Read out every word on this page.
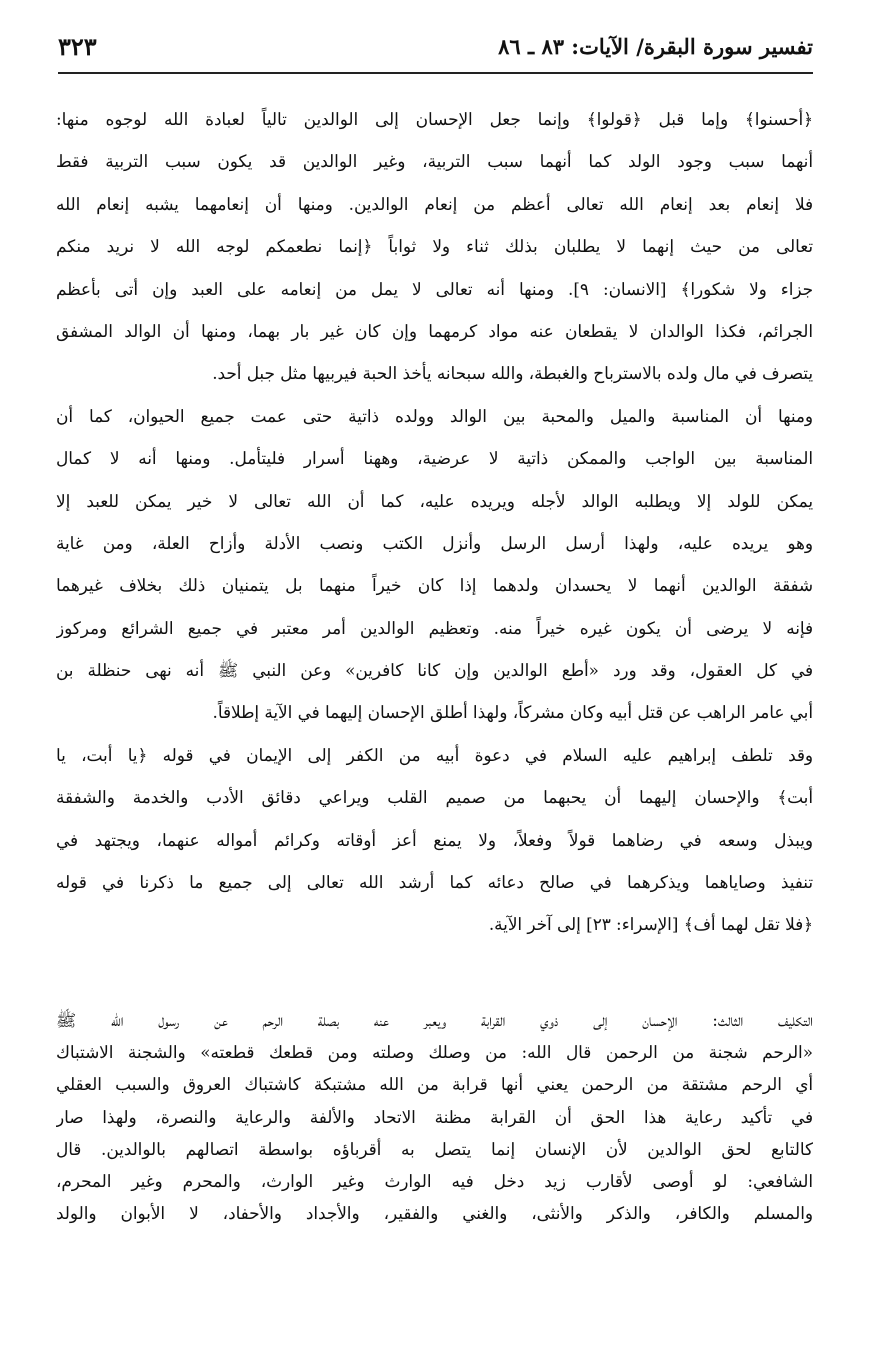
تفسير سورة البقرة/ الآيات: ٨٣ ـ ٨٦
٣٢٣
﴿أحسنوا﴾ وإما قبل ﴿قولوا﴾ وإنما جعل الإحسان إلى الوالدين تالياً لعبادة الله لوجوه منها:
أنهما سبب وجود الولد كما أنهما سبب التربية، وغير الوالدين قد يكون سبب التربية فقط
فلا إنعام بعد إنعام الله تعالى أعظم من إنعام الوالدين. ومنها أن إنعامهما يشبه إنعام الله
تعالى من حيث إنهما لا يطلبان بذلك ثناء ولا ثواباً ﴿إنما نطعمكم لوجه الله لا نريد منكم
جزاء ولا شكورا﴾ [الانسان: ٩]. ومنها أنه تعالى لا يمل من إنعامه على العبد وإن أتى بأعظم
الجرائم، فكذا الوالدان لا يقطعان عنه مواد كرمهما وإن كان غير بار بهما، ومنها أن الوالد المشفق
يتصرف في مال ولده بالاسترباح والغبطة، والله سبحانه يأخذ الحبة فيربيها مثل جبل أحد.
ومنها أن المناسبة والميل والمحبة بين الوالد وولده ذاتية حتى عمت جميع الحيوان، كما أن
المناسبة بين الواجب والممكن ذاتية لا عرضية، وههنا أسرار فليتأمل. ومنها أنه لا كمال
يمكن للولد إلا ويطلبه الوالد لأجله ويريده عليه، كما أن الله تعالى لا خير يمكن للعبد إلا
وهو يريده عليه، ولهذا أرسل الرسل وأنزل الكتب ونصب الأدلة وأزاح العلة، ومن غاية
شفقة الوالدين أنهما لا يحسدان ولدهما إذا كان خيراً منهما بل يتمنيان ذلك بخلاف غيرهما
فإنه لا يرضى أن يكون غيره خيراً منه. وتعظيم الوالدين أمر معتبر في جميع الشرائع ومركوز
في كل العقول، وقد ورد «أطع الوالدين وإن كانا كافرين» وعن النبي ﷺ أنه نهى حنظلة بن
أبي عامر الراهب عن قتل أبيه وكان مشركاً، ولهذا أطلق الإحسان إليهما في الآية إطلاقاً.
وقد تلطف إبراهيم عليه السلام في دعوة أبيه من الكفر إلى الإيمان في قوله ﴿يا أبت، يا
أبت﴾ والإحسان إليهما أن يحبهما من صميم القلب ويراعي دقائق الأدب والخدمة والشفقة
ويبذل وسعه في رضاهما قولاً وفعلاً، ولا يمنع أعز أوقاته وكرائم أمواله عنهما، ويجتهد في
تنفيذ وصاياهما ويذكرهما في صالح دعائه كما أرشد الله تعالى إلى جميع ما ذكرنا في قوله
﴿فلا تقل لهما أف﴾ [الإسراء: ٢٣] إلى آخر الآية.
التكليف الثالث: الإحسان إلى ذوي القرابة ويعبر عنه بصلة الرحم عن رسول الله ﷺ
«الرحم شجنة من الرحمن قال الله: من وصلك وصلته ومن قطعك قطعته» والشجنة الاشتباك
أي الرحم مشتقة من الرحمن يعني أنها قرابة من الله مشتبكة كاشتباك العروق والسبب العقلي
في تأكيد رعاية هذا الحق أن القرابة مظنة الاتحاد والألفة والرعاية والنصرة، ولهذا صار
كالتابع لحق الوالدين لأن الإنسان إنما يتصل به أقرباؤه بواسطة اتصالهم بالوالدين. قال
الشافعي: لو أوصى لأقارب زيد دخل فيه الوارث وغير الوارث، والمحرم وغير المحرم،
والمسلم والكافر، والذكر والأنثى، والغني والفقير، والأجداد والأحفاد، لا الأبوان والولد
